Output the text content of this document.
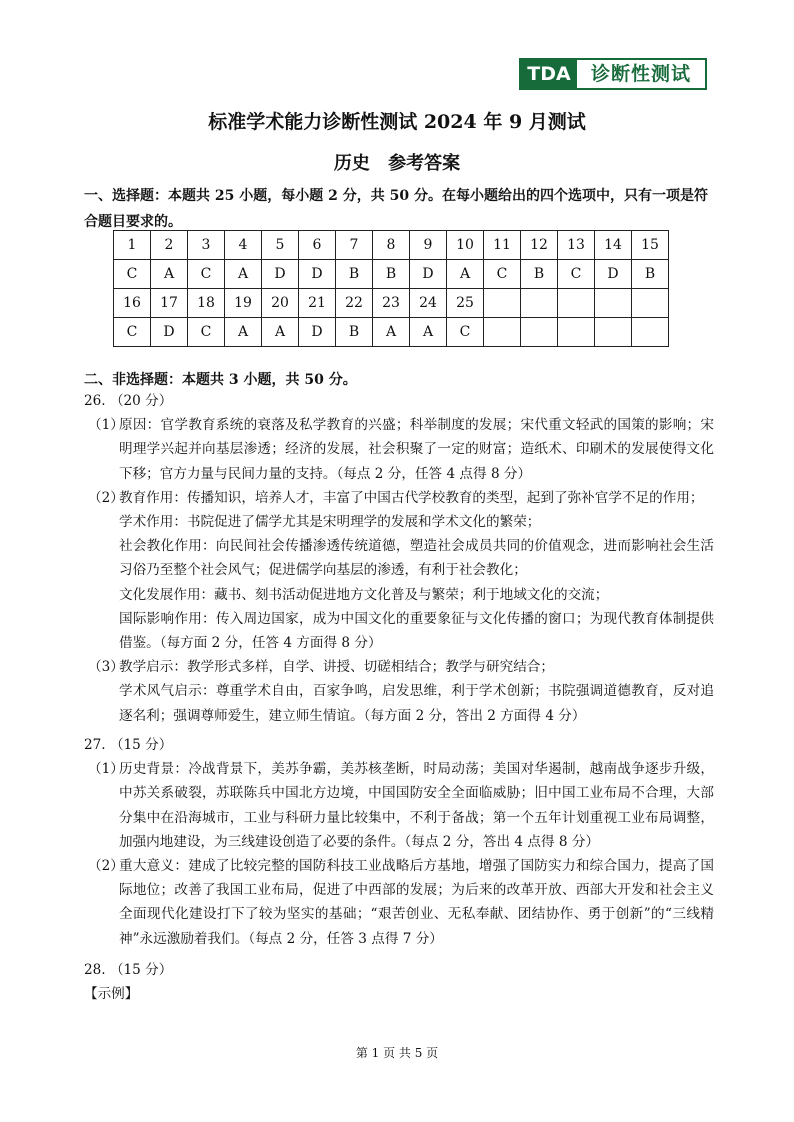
TDA	诊断性测试
标准学术能力诊断性测试 2024 年 9 月测试
历史 参考答案
一、选择题：本题共 25 小题，每小题 2 分，共 50 分。在每小题给出的四个选项中，只有一项是符合题目要求的。
1	2	3	4	5	6	7	8	9	10	11	12	13	14	15
C	A	C	A	D	D	B	B	D	A	C	B	C	D	B
16	17	18	19	20	21	22	23	24	25					
C	D	C	A	A	D	B	A	A	C					
二、非选择题：本题共 3 小题，共 50 分。

26. （20 分）

（1）

原因：官学教育系统的衰落及私学教育的兴盛；科举制度的发展；宋代重文轻武的国策的影响；宋明理学兴起并向基层渗透；经济的发展，社会积聚了一定的财富；造纸术、印刷术的发展使得文化下移；官方力量与民间力量的支持。（每点 2 分，任答 4 点得 8 分）

（2）

教育作用：传播知识，培养人才，丰富了中国古代学校教育的类型，起到了弥补官学不足的作用；

学术作用：书院促进了儒学尤其是宋明理学的发展和学术文化的繁荣；

社会教化作用：向民间社会传播渗透传统道德，塑造社会成员共同的价值观念，进而影响社会生活习俗乃至整个社会风气；促进儒学向基层的渗透，有利于社会教化；

文化发展作用：藏书、刻书活动促进地方文化普及与繁荣；利于地域文化的交流；

国际影响作用：传入周边国家，成为中国文化的重要象征与文化传播的窗口；为现代教育体制提供借鉴。（每方面 2 分，任答 4 方面得 8 分）

（3）

教学启示：教学形式多样，自学、讲授、切磋相结合；教学与研究结合；

学术风气启示：尊重学术自由，百家争鸣，启发思维，利于学术创新；书院强调道德教育，反对追逐名利；强调尊师爱生，建立师生情谊。（每方面 2 分，答出 2 方面得 4 分）

27. （15 分）

（1）

历史背景：冷战背景下，美苏争霸，美苏核垄断，时局动荡；美国对华遏制，越南战争逐步升级，中苏关系破裂，苏联陈兵中国北方边境，中国国防安全全面临威胁；旧中国工业布局不合理，大部分集中在沿海城市，工业与科研力量比较集中，不利于备战；第一个五年计划重视工业布局调整，加强内地建设，为三线建设创造了必要的条件。（每点 2 分，答出 4 点得 8 分）

（2）

重大意义：建成了比较完整的国防科技工业战略后方基地，增强了国防实力和综合国力，提高了国际地位；改善了我国工业布局，促进了中西部的发展；为后来的改革开放、西部大开发和社会主义全面现代化建设打下了较为坚实的基础；“艰苦创业、无私奉献、团结协作、勇于创新”的“三线精神”永远激励着我们。（每点 2 分，任答 3 点得 7 分）

28. （15 分）

【示例】

第 1 页 共 5 页
